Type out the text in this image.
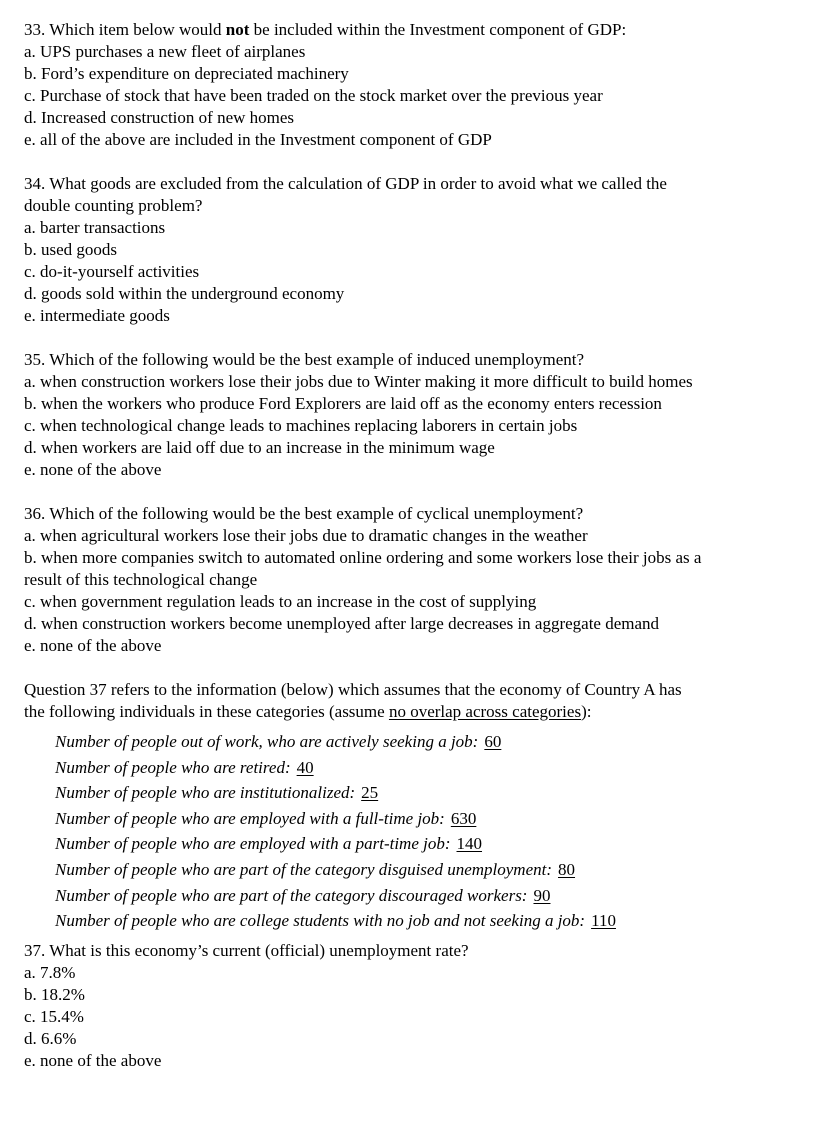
33. Which item below would not be included within the Investment component of GDP:
a. UPS purchases a new fleet of airplanes
b. Ford’s expenditure on depreciated machinery
c. Purchase of stock that have been traded on the stock market over the previous year
d. Increased construction of new homes
e. all of the above are included in the Investment component of GDP
34. What goods are excluded from the calculation of GDP in order to avoid what we called the
double counting problem?
a. barter transactions
b. used goods
c. do-it-yourself activities
d. goods sold within the underground economy
e. intermediate goods
35. Which of the following would be the best example of induced unemployment?
a. when construction workers lose their jobs due to Winter making it more difficult to build homes
b. when the workers who produce Ford Explorers are laid off as the economy enters recession
c. when technological change leads to machines replacing laborers in certain jobs
d. when workers are laid off due to an increase in the minimum wage
e. none of the above
36. Which of the following would be the best example of cyclical unemployment?
a. when agricultural workers lose their jobs due to dramatic changes in the weather
b. when more companies switch to automated online ordering and some workers lose their jobs as a
result of this technological change
c. when government regulation leads to an increase in the cost of supplying
d. when construction workers become unemployed after large decreases in aggregate demand
e. none of the above
Question 37 refers to the information (below) which assumes that the economy of Country A has
the following individuals in these categories (assume no overlap across categories):
Number of people out of work, who are actively seeking a job: 60
Number of people who are retired: 40
Number of people who are institutionalized: 25
Number of people who are employed with a full-time job: 630
Number of people who are employed with a part-time job: 140
Number of people who are part of the category disguised unemployment: 80
Number of people who are part of the category discouraged workers: 90
Number of people who are college students with no job and not seeking a job: 110
37. What is this economy’s current (official) unemployment rate?
a. 7.8%
b. 18.2%
c. 15.4%
d. 6.6%
e. none of the above
